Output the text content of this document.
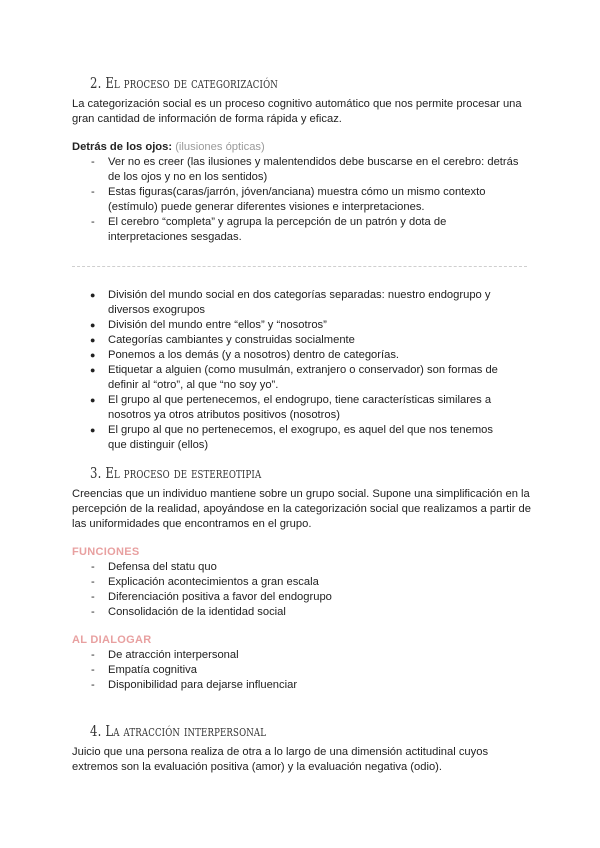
2. El proceso de categorización
La categorización social es un proceso cognitivo automático que nos permite procesar una gran cantidad de información de forma rápida y eficaz.
Detrás de los ojos: (ilusiones ópticas)
- Ver no es creer (las ilusiones y malentendidos debe buscarse en el cerebro: detrás de los ojos y no en los sentidos)
- Estas figuras(caras/jarrón, jóven/anciana) muestra cómo un mismo contexto (estímulo) puede generar diferentes visiones e interpretaciones.
- El cerebro “completa” y agrupa la percepción de un patrón y dota de interpretaciones sesgadas.
● División del mundo social en dos categorías separadas: nuestro endogrupo y diversos exogrupos
● División del mundo entre “ellos” y “nosotros”
● Categorías cambiantes y construidas socialmente
● Ponemos a los demás (y a nosotros) dentro de categorías.
● Etiquetar a alguien (como musulmán, extranjero o conservador) son formas de definir al “otro”, al que “no soy yo”.
● El grupo al que pertenecemos, el endogrupo, tiene características similares a nosotros ya otros atributos positivos (nosotros)
● El grupo al que no pertenecemos, el exogrupo, es aquel del que nos tenemos que distinguir (ellos)
3. El proceso de estereotipia
Creencias que un individuo mantiene sobre un grupo social. Supone una simplificación en la percepción de la realidad, apoyándose en la categorización social que realizamos a partir de las uniformidades que encontramos en el grupo.
FUNCIONES
- Defensa del statu quo
- Explicación acontecimientos a gran escala
- Diferenciación positiva a favor del endogrupo
- Consolidación de la identidad social
AL DIALOGAR
- De atracción interpersonal
- Empatía cognitiva
- Disponibilidad para dejarse influenciar
4. La atracción interpersonal
Juicio que una persona realiza de otra a lo largo de una dimensión actitudinal cuyos extremos son la evaluación positiva (amor) y la evaluación negativa (odio).
